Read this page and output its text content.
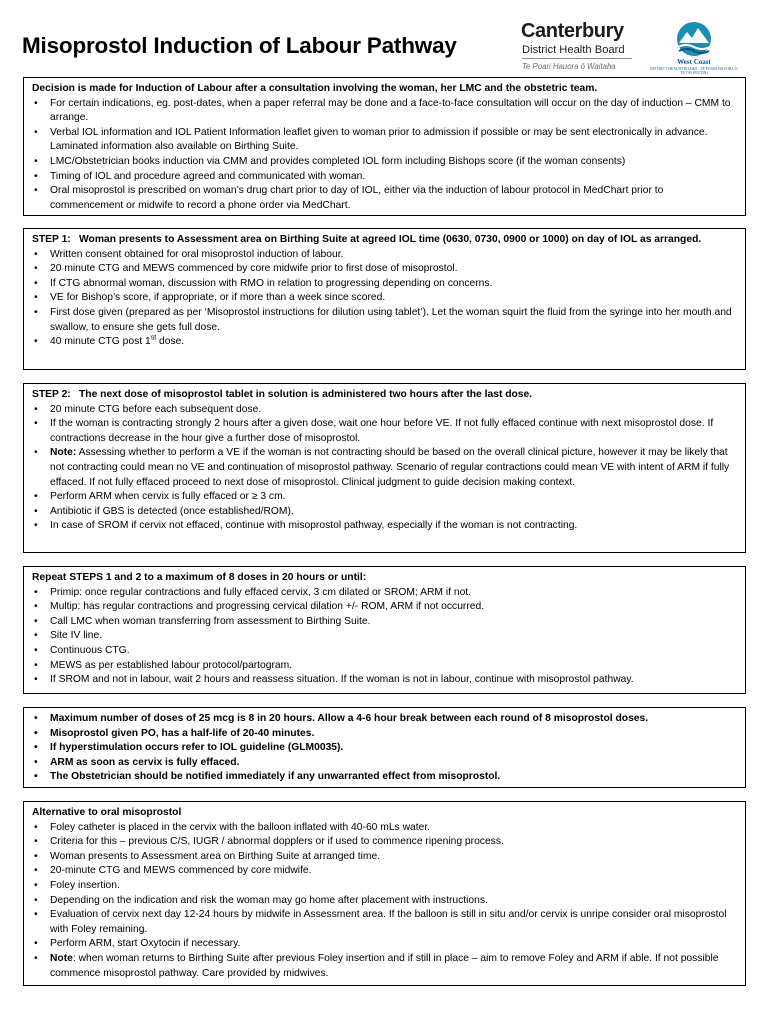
Misoprostol Induction of Labour Pathway
Canterbury
District Health Board
Te Poari Hauora ō Waitaha	West Coast
DISTRICT HEALTH BOARD · TE POARI HAUORA O TE TAI POUTINI
Decision is made for Induction of Labour after a consultation involving the woman, her LMC and the obstetric team.
• For certain indications, eg. post-dates, when a paper referral may be done and a face-to-face consultation will occur on the day of induction – CMM to arrange.
• Verbal IOL information and IOL Patient Information leaflet given to woman prior to admission if possible or may be sent electronically in advance. Laminated information also available on Birthing Suite.
• LMC/Obstetrician books induction via CMM and provides completed IOL form including Bishops score (if the woman consents)
• Timing of IOL and procedure agreed and communicated with woman.
• Oral misoprostol is prescribed on woman’s drug chart prior to day of IOL, either via the induction of labour protocol in MedChart prior to commencement or midwife to record a phone order via MedChart.
STEP 1: Woman presents to Assessment area on Birthing Suite at agreed IOL time (0630, 0730, 0900 or 1000) on day of IOL as arranged.
• Written consent obtained for oral misoprostol induction of labour.
• 20 minute CTG and MEWS commenced by core midwife prior to first dose of misoprostol.
• If CTG abnormal woman, discussion with RMO in relation to progressing depending on concerns.
• VE for Bishop’s score, if appropriate, or if more than a week since scored.
• First dose given (prepared as per ‘Misoprostol instructions for dilution using tablet’). Let the woman squirt the fluid from the syringe into her mouth and swallow, to ensure she gets full dose.
• 40 minute CTG post 1st dose.
STEP 2: The next dose of misoprostol tablet in solution is administered two hours after the last dose.
• 20 minute CTG before each subsequent dose.
• If the woman is contracting strongly 2 hours after a given dose, wait one hour before VE. If not fully effaced continue with next misoprostol dose. If contractions decrease in the hour give a further dose of misoprostol.
• Note: Assessing whether to perform a VE if the woman is not contracting should be based on the overall clinical picture, however it may be likely that not contracting could mean no VE and continuation of misoprostol pathway. Scenario of regular contractions could mean VE with intent of ARM if fully effaced. If not fully effaced proceed to next dose of misoprostol. Clinical judgment to guide decision making context.
• Perform ARM when cervix is fully effaced or ≥ 3 cm.
• Antibiotic if GBS is detected (once established/ROM).
• In case of SROM if cervix not effaced, continue with misoprostol pathway, especially if the woman is not contracting.
Repeat STEPS 1 and 2 to a maximum of 8 doses in 20 hours or until:
• Primip: once regular contractions and fully effaced cervix, 3 cm dilated or SROM; ARM if not.
• Multip: has regular contractions and progressing cervical dilation +/- ROM, ARM if not occurred.
• Call LMC when woman transferring from assessment to Birthing Suite.
• Site IV line.
• Continuous CTG.
• MEWS as per established labour protocol/partogram.
• If SROM and not in labour, wait 2 hours and reassess situation. If the woman is not in labour, continue with misoprostol pathway.
• Maximum number of doses of 25 mcg is 8 in 20 hours. Allow a 4-6 hour break between each round of 8 misoprostol doses.
• Misoprostol given PO, has a half-life of 20-40 minutes.
• If hyperstimulation occurs refer to IOL guideline (GLM0035).
• ARM as soon as cervix is fully effaced.
• The Obstetrician should be notified immediately if any unwarranted effect from misoprostol.
Alternative to oral misoprostol
• Foley catheter is placed in the cervix with the balloon inflated with 40-60 mLs water.
• Criteria for this – previous C/S, IUGR / abnormal dopplers or if used to commence ripening process.
• Woman presents to Assessment area on Birthing Suite at arranged time.
• 20-minute CTG and MEWS commenced by core midwife.
• Foley insertion.
• Depending on the indication and risk the woman may go home after placement with instructions.
• Evaluation of cervix next day 12-24 hours by midwife in Assessment area. If the balloon is still in situ and/or cervix is unripe consider oral misoprostol with Foley remaining.
• Perform ARM, start Oxytocin if necessary.
• Note: when woman returns to Birthing Suite after previous Foley insertion and if still in place – aim to remove Foley and ARM if able. If not possible commence misoprostol pathway. Care provided by midwives.
